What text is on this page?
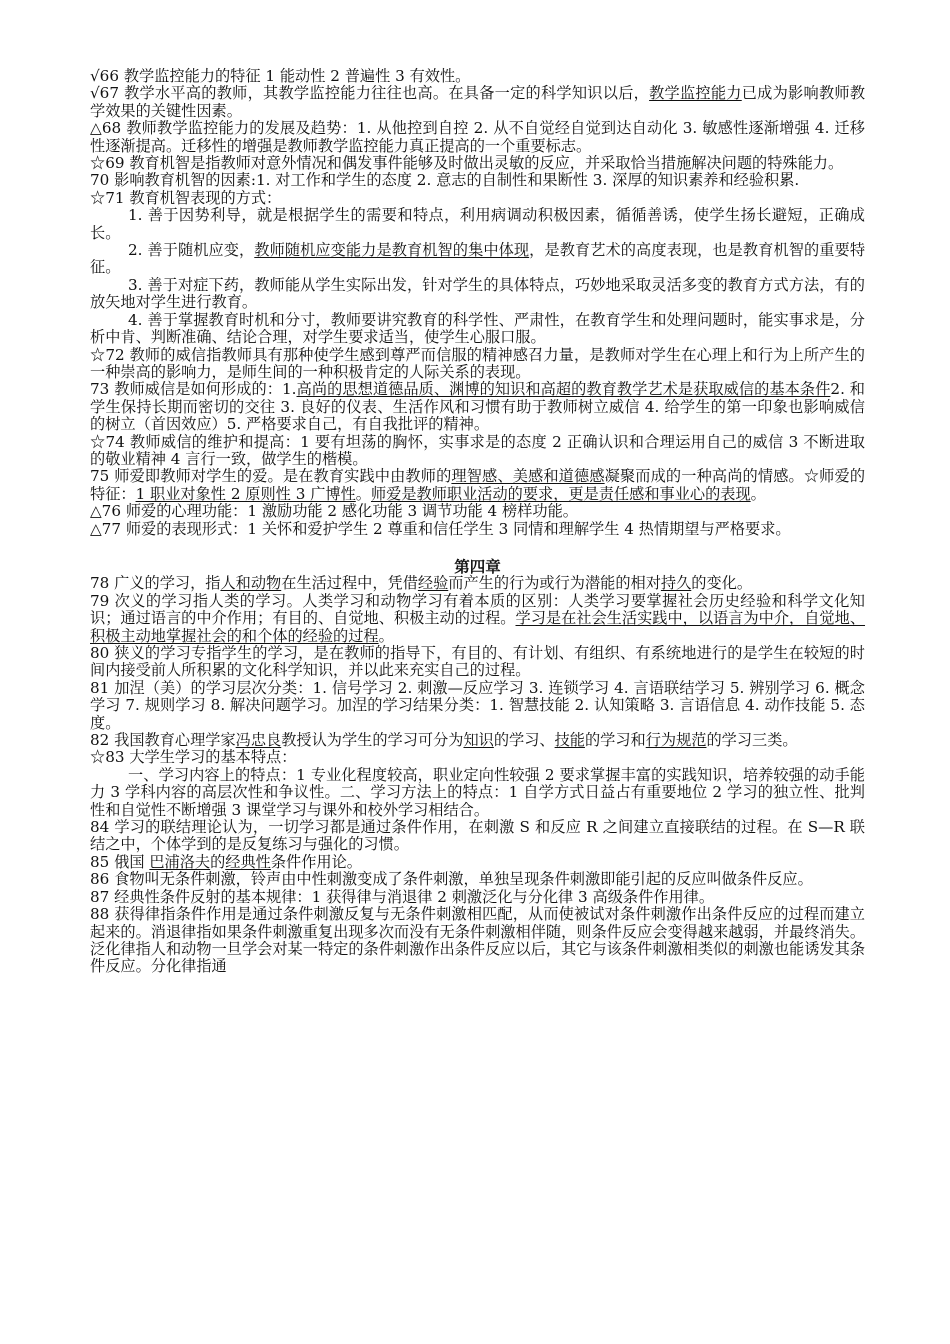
√66 教学监控能力的特征 1 能动性 2 普遍性 3 有效性。

√67 教学水平高的教师，其教学监控能力往往也高。在具备一定的科学知识以后，教学监控能力已成为影响教师教学效果的关键性因素。

△68 教师教学监控能力的发展及趋势：1. 从他控到自控 2. 从不自觉经自觉到达自动化 3. 敏感性逐渐增强 4. 迁移性逐渐提高。迁移性的增强是教师教学监控能力真正提高的一个重要标志。

☆69 教育机智是指教师对意外情况和偶发事件能够及时做出灵敏的反应，并采取恰当措施解决问题的特殊能力。

70 影响教育机智的因素:1. 对工作和学生的态度 2. 意志的自制性和果断性 3. 深厚的知识素养和经验积累.

☆71 教育机智表现的方式：

1. 善于因势利导，就是根据学生的需要和特点，利用病调动积极因素，循循善诱，使学生扬长避短，正确成长。

2. 善于随机应变，教师随机应变能力是教育机智的集中体现，是教育艺术的高度表现，也是教育机智的重要特征。

3. 善于对症下药，教师能从学生实际出发，针对学生的具体特点，巧妙地采取灵活多变的教育方式方法，有的放矢地对学生进行教育。

4. 善于掌握教育时机和分寸，教师要讲究教育的科学性、严肃性，在教育学生和处理问题时，能实事求是，分析中肯、判断准确、结论合理，对学生要求适当，使学生心服口服。

☆72 教师的威信指教师具有那种使学生感到尊严而信服的精神感召力量，是教师对学生在心理上和行为上所产生的一种崇高的影响力，是师生间的一种积极肯定的人际关系的表现。

73 教师威信是如何形成的：1.高尚的思想道德品质、渊博的知识和高超的教育教学艺术是获取威信的基本条件2. 和学生保持长期而密切的交往 3. 良好的仪表、生活作风和习惯有助于教师树立威信 4. 给学生的第一印象也影响威信的树立（首因效应）5. 严格要求自己，有自我批评的精神。

☆74 教师威信的维护和提高：1 要有坦荡的胸怀，实事求是的态度 2 正确认识和合理运用自己的威信 3 不断进取的敬业精神 4 言行一致，做学生的楷模。

75 师爱即教师对学生的爱。是在教育实践中由教师的理智感、美感和道德感凝聚而成的一种高尚的情感。☆师爱的特征：1 职业对象性 2 原则性 3 广博性。师爱是教师职业活动的要求，更是责任感和事业心的表现。

△76 师爱的心理功能：1 激励功能 2 感化功能 3 调节功能 4 榜样功能。

△77 师爱的表现形式：1 关怀和爱护学生 2 尊重和信任学生 3 同情和理解学生 4 热情期望与严格要求。

第四章

78 广义的学习，指人和动物在生活过程中，凭借经验而产生的行为或行为潜能的相对持久的变化。

79 次义的学习指人类的学习。人类学习和动物学习有着本质的区别：人类学习要掌握社会历史经验和科学文化知识；通过语言的中介作用；有目的、自觉地、积极主动的过程。学习是在社会生活实践中，以语言为中介，自觉地、积极主动地掌握社会的和个体的经验的过程。

80 狭义的学习专指学生的学习，是在教师的指导下，有目的、有计划、有组织、有系统地进行的是学生在较短的时间内接受前人所积累的文化科学知识，并以此来充实自己的过程。

81 加涅（美）的学习层次分类：1. 信号学习 2. 刺激—反应学习 3. 连锁学习 4. 言语联结学习 5. 辨别学习 6. 概念学习 7. 规则学习 8. 解决问题学习。加涅的学习结果分类：1. 智慧技能 2. 认知策略 3. 言语信息 4. 动作技能 5. 态度。

82 我国教育心理学家冯忠良教授认为学生的学习可分为知识的学习、技能的学习和行为规范的学习三类。

☆83 大学生学习的基本特点：

一、学习内容上的特点：1 专业化程度较高，职业定向性较强 2 要求掌握丰富的实践知识，培养较强的动手能力 3 学科内容的高层次性和争议性。二、学习方法上的特点：1 自学方式日益占有重要地位 2 学习的独立性、批判性和自觉性不断增强 3 课堂学习与课外和校外学习相结合。

84 学习的联结理论认为，一切学习都是通过条件作用，在刺激 S 和反应 R 之间建立直接联结的过程。在 S—R 联结之中，个体学到的是反复练习与强化的习惯。

85 俄国 巴浦洛夫的经典性条件作用论。

86 食物叫无条件刺激，铃声由中性刺激变成了条件刺激，单独呈现条件刺激即能引起的反应叫做条件反应。

87 经典性条件反射的基本规律：1 获得律与消退律 2 刺激泛化与分化律 3 高级条件作用律。

88 获得律指条件作用是通过条件刺激反复与无条件刺激相匹配，从而使被试对条件刺激作出条件反应的过程而建立起来的。消退律指如果条件刺激重复出现多次而没有无条件刺激相伴随，则条件反应会变得越来越弱，并最终消失。泛化律指人和动物一旦学会对某一特定的条件刺激作出条件反应以后，其它与该条件刺激相类似的刺激也能诱发其条件反应。分化律指通
